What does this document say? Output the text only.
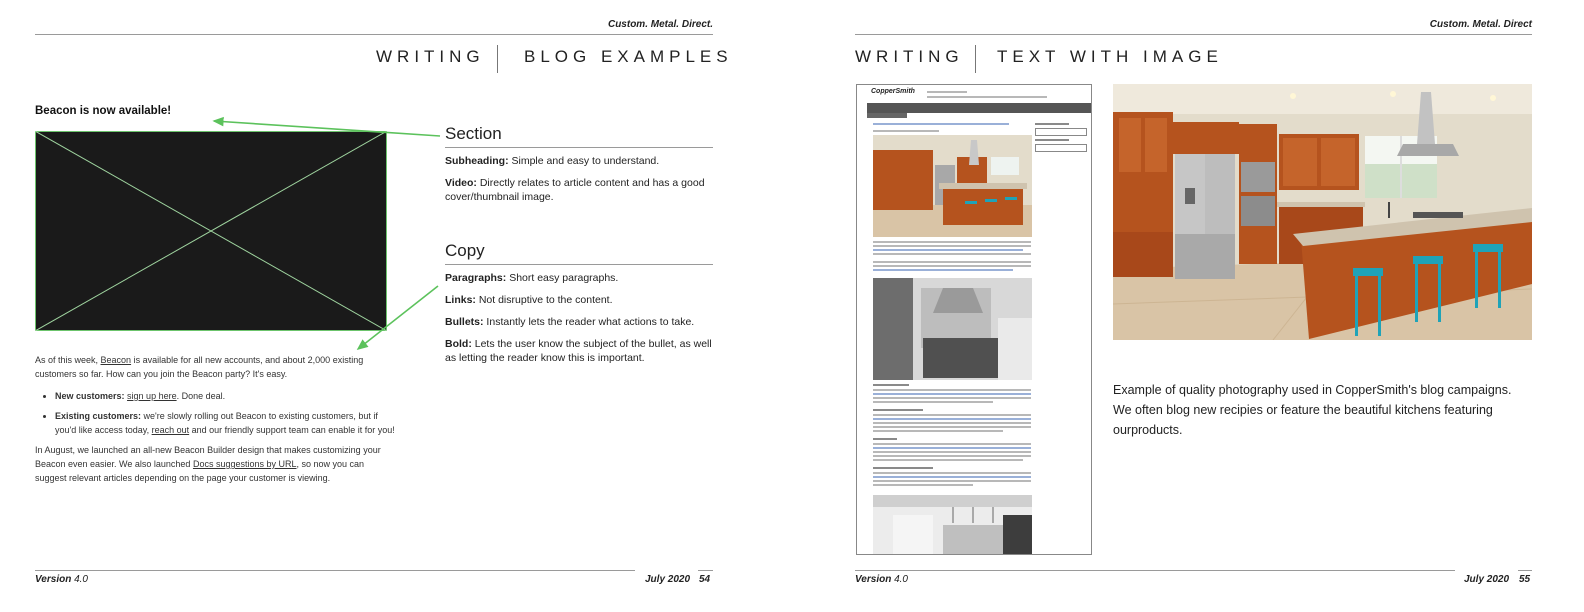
Custom. Metal. Direct.
WRITING BLOG EXAMPLES
Beacon is now available!
As of this week, Beacon is available for all new accounts, and about 2,000 existing customers so far. How can you join the Beacon party? It's easy.
• New customers: sign up here. Done deal.
• Existing customers: we're slowly rolling out Beacon to existing customers, but if you'd like access today, reach out and our friendly support team can enable it for you!
In August, we launched an all-new Beacon Builder design that makes customizing your Beacon even easier. We also launched Docs suggestions by URL, so now you can suggest relevant articles depending on the page your customer is viewing.
Section
Subheading: Simple and easy to understand.
Video: Directly relates to article content and has a good cover/thumbnail image.
Copy
Paragraphs: Short easy paragraphs.
Links: Not disruptive to the content.
Bullets: Instantly lets the reader what actions to take.
Bold: Lets the user know the subject of the bullet, as well as letting the reader know this is important.
Version 4.0	July 2020 54
Custom. Metal. Direct
WRITING TEXT WITH IMAGE
CopperSmith
Example of quality photography used in CopperSmith's blog campaigns.
We often blog new recipies or feature the beautiful kitchens featuring
ourproducts.
Version 4.0	July 2020 55
